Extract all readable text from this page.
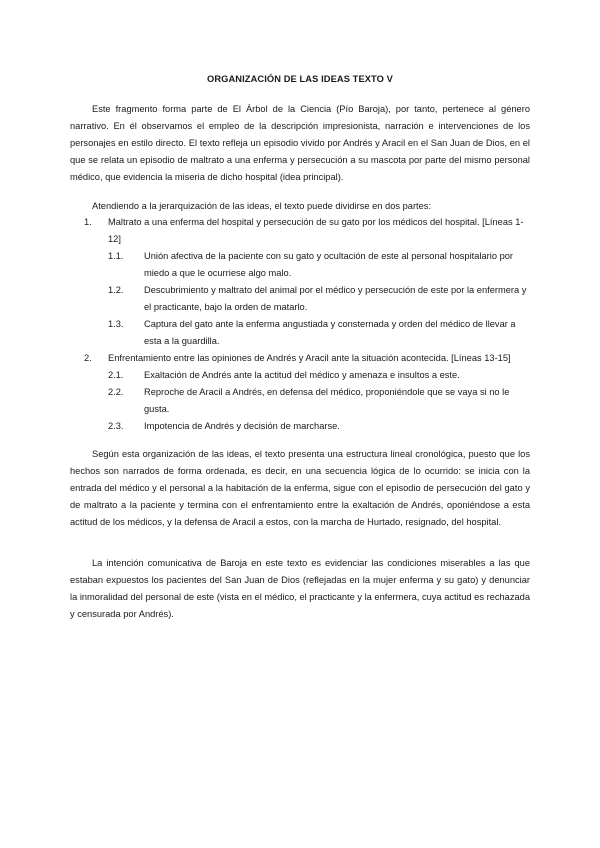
ORGANIZACIÓN DE LAS IDEAS TEXTO V

Este fragmento forma parte de El Árbol de la Ciencia (Pío Baroja), por tanto, pertenece al género narrativo. En él observamos el empleo de la descripción impresionista, narración e intervenciones de los personajes en estilo directo. El texto refleja un episodio vivido por Andrés y Aracil en el San Juan de Dios, en el que se relata un episodio de maltrato a una enferma y persecución a su mascota por parte del mismo personal médico, que evidencia la miseria de dicho hospital (idea principal).

Atendiendo a la jerarquización de las ideas, el texto puede dividirse en dos partes:

1. Maltrato a una enferma del hospital y persecución de su gato por los médicos del hospital. [Líneas 1-12]
1.1. Unión afectiva de la paciente con su gato y ocultación de este al personal hospitalario por miedo a que le ocurriese algo malo.
1.2. Descubrimiento y maltrato del animal por el médico y persecución de este por la enfermera y el practicante, bajo la orden de matarlo.
1.3. Captura del gato ante la enferma angustiada y consternada y orden del médico de llevar a esta a la guardilla.
2. Enfrentamiento entre las opiniones de Andrés y Aracil ante la situación acontecida. [Líneas 13-15]
2.1. Exaltación de Andrés ante la actitud del médico y amenaza e insultos a este.
2.2. Reproche de Aracil a Andrés, en defensa del médico, proponiéndole que se vaya si no le gusta.
2.3. Impotencia de Andrés y decisión de marcharse.

Según esta organización de las ideas, el texto presenta una estructura lineal cronológica, puesto que los hechos son narrados de forma ordenada, es decir, en una secuencia lógica de lo ocurrido: se inicia con la entrada del médico y el personal a la habitación de la enferma, sigue con el episodio de persecución del gato y de maltrato a la paciente y termina con el enfrentamiento entre la exaltación de Andrés, oponiéndose a esta actitud de los médicos, y la defensa de Aracil a estos, con la marcha de Hurtado, resignado, del hospital.

La intención comunicativa de Baroja en este texto es evidenciar las condiciones miserables a las que estaban expuestos los pacientes del San Juan de Dios (reflejadas en la mujer enferma y su gato) y denunciar la inmoralidad del personal de este (vista en el médico, el practicante y la enfermera, cuya actitud es rechazada y censurada por Andrés).
